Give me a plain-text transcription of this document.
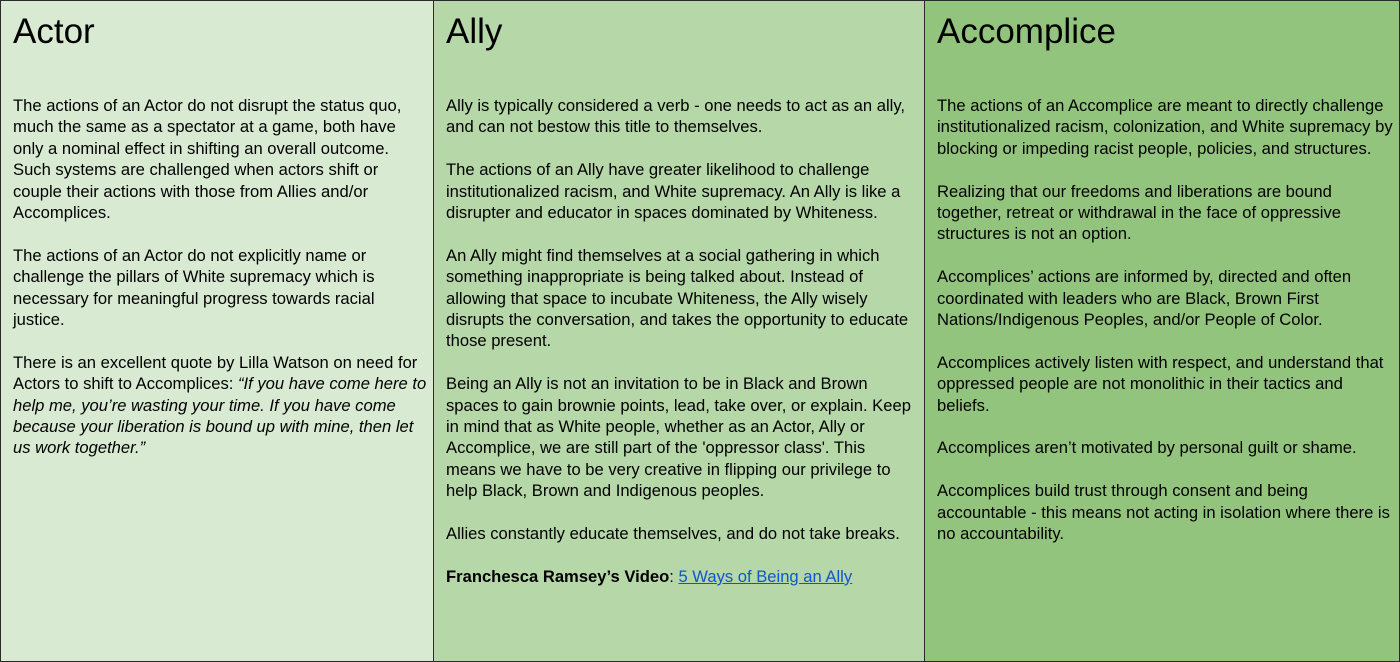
Actor

The actions of an Actor do not disrupt the status quo, much the same as a spectator at a game, both have only a nominal effect in shifting an overall outcome. Such systems are challenged when actors shift or couple their actions with those from Allies and/or Accomplices.

The actions of an Actor do not explicitly name or challenge the pillars of White supremacy which is necessary for meaningful progress towards racial justice.

There is an excellent quote by Lilla Watson on need for Actors to shift to Accomplices: “If you have come here to help me, you’re wasting your time. If you have come because your liberation is bound up with mine, then let us work together.”

Ally

Ally is typically considered a verb - one needs to act as an ally, and can not bestow this title to themselves.

The actions of an Ally have greater likelihood to challenge institutionalized racism, and White supremacy. An Ally is like a disrupter and educator in spaces dominated by Whiteness.

An Ally might find themselves at a social gathering in which something inappropriate is being talked about. Instead of allowing that space to incubate Whiteness, the Ally wisely disrupts the conversation, and takes the opportunity to educate those present.

Being an Ally is not an invitation to be in Black and Brown spaces to gain brownie points, lead, take over, or explain. Keep in mind that as White people, whether as an Actor, Ally or Accomplice, we are still part of the 'oppressor class'. This means we have to be very creative in flipping our privilege to help Black, Brown and Indigenous peoples.

Allies constantly educate themselves, and do not take breaks.

Franchesca Ramsey’s Video: 5 Ways of Being an Ally

Accomplice

The actions of an Accomplice are meant to directly challenge institutionalized racism, colonization, and White supremacy by blocking or impeding racist people, policies, and structures.

Realizing that our freedoms and liberations are bound together, retreat or withdrawal in the face of oppressive structures is not an option.

Accomplices’ actions are informed by, directed and often coordinated with leaders who are Black, Brown First Nations/Indigenous Peoples, and/or People of Color.

Accomplices actively listen with respect, and understand that oppressed people are not monolithic in their tactics and beliefs.

Accomplices aren’t motivated by personal guilt or shame.

Accomplices build trust through consent and being accountable - this means not acting in isolation where there is no accountability.
